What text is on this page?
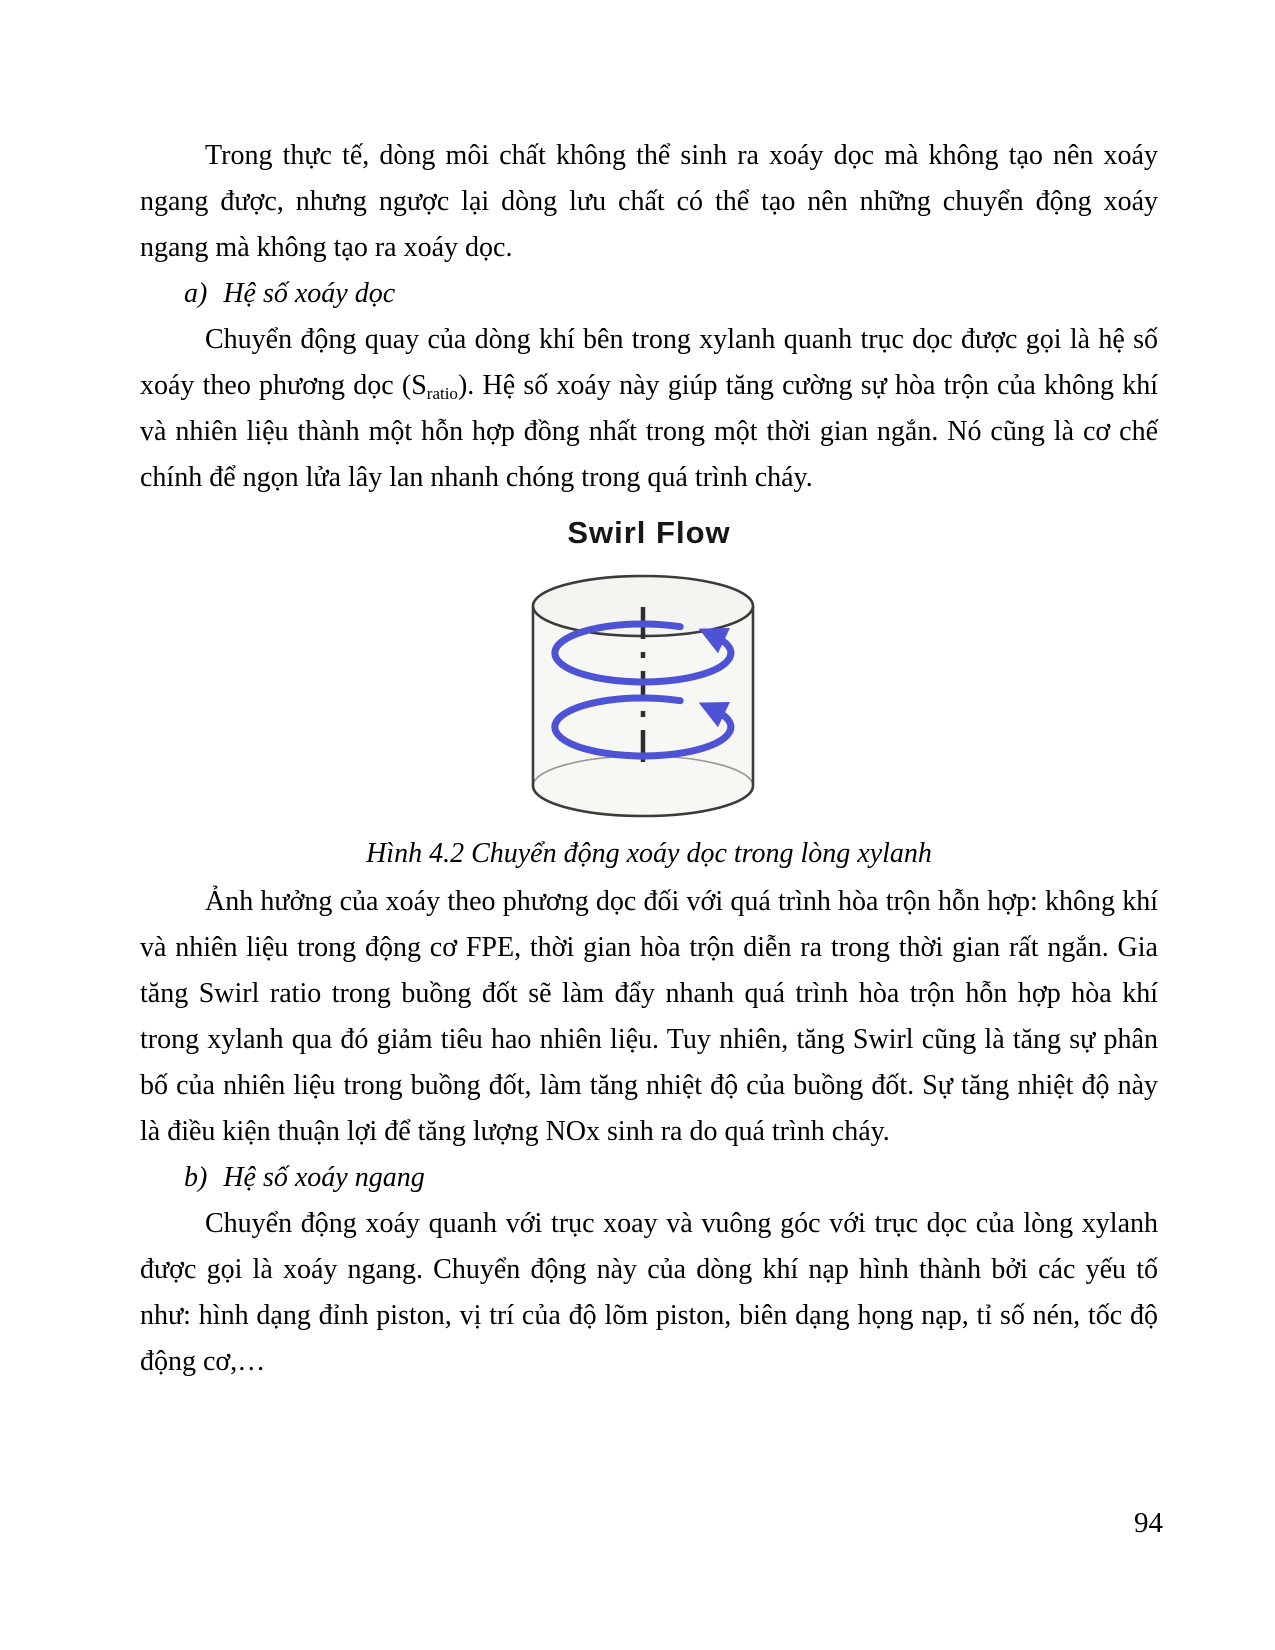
Trong thực tế, dòng môi chất không thể sinh ra xoáy dọc mà không tạo nên xoáy ngang được, nhưng ngược lại dòng lưu chất có thể tạo nên những chuyển động xoáy ngang mà không tạo ra xoáy dọc.

a) Hệ số xoáy dọc

Chuyển động quay của dòng khí bên trong xylanh quanh trục dọc được gọi là hệ số xoáy theo phương dọc $(S_{ratio})$. Hệ số xoáy này giúp tăng cường sự hòa trộn của không khí và nhiên liệu thành một hỗn hợp đồng nhất trong một thời gian ngắn. Nó cũng là cơ chế chính để ngọn lửa lây lan nhanh chóng trong quá trình cháy.

Swirl Flow
Hình 4.2 Chuyển động xoáy dọc trong lòng xylanh

Ảnh hưởng của xoáy theo phương dọc đối với quá trình hòa trộn hỗn hợp: không khí và nhiên liệu trong động cơ FPE, thời gian hòa trộn diễn ra trong thời gian rất ngắn. Gia tăng Swirl ratio trong buồng đốt sẽ làm đẩy nhanh quá trình hòa trộn hỗn hợp hòa khí trong xylanh qua đó giảm tiêu hao nhiên liệu. Tuy nhiên, tăng Swirl cũng là tăng sự phân bố của nhiên liệu trong buồng đốt, làm tăng nhiệt độ của buồng đốt. Sự tăng nhiệt độ này là điều kiện thuận lợi để tăng lượng NOx sinh ra do quá trình cháy.

b) Hệ số xoáy ngang

Chuyển động xoáy quanh với trục xoay và vuông góc với trục dọc của lòng xylanh được gọi là xoáy ngang. Chuyển động này của dòng khí nạp hình thành bởi các yếu tố như: hình dạng đỉnh piston, vị trí của độ lõm piston, biên dạng họng nạp, tỉ số nén, tốc độ động cơ,…

94
